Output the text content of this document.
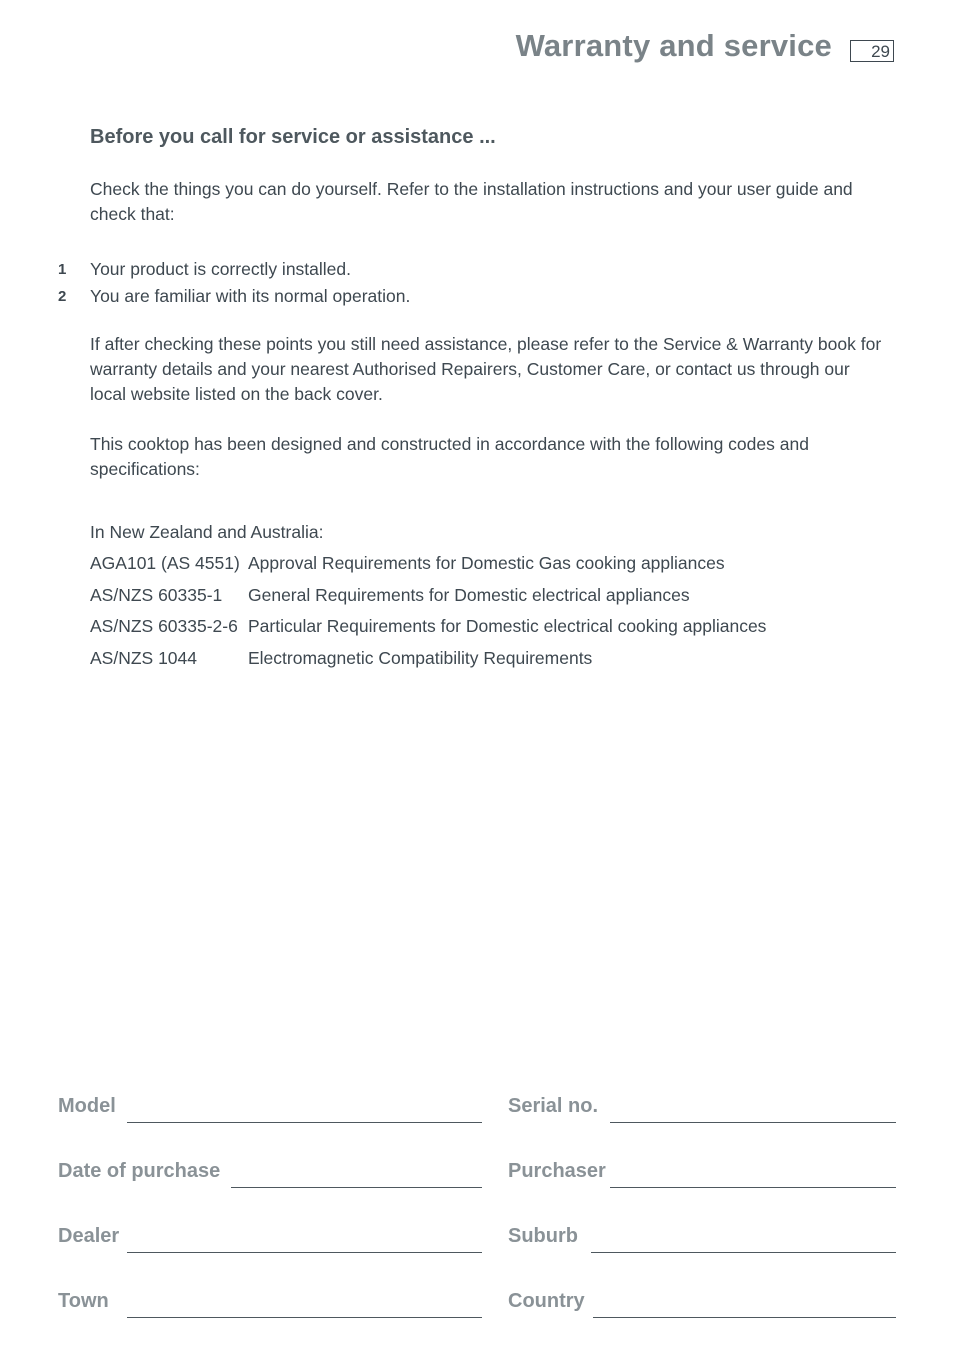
Warranty and service	29
Before you call for service or assistance ...
Check the things you can do yourself. Refer to the installation instructions and your user guide and check that:
1 Your product is correctly installed.
2 You are familiar with its normal operation.
If after checking these points you still need assistance, please refer to the Service & Warranty book for warranty details and your nearest Authorised Repairers, Customer Care, or contact us through our local website listed on the back cover.
This cooktop has been designed and constructed in accordance with the following codes and specifications:
In New Zealand and Australia:
AGA101 (AS 4551) Approval Requirements for Domestic Gas cooking appliances
AS/NZS 60335-1 General Requirements for Domestic electrical appliances
AS/NZS 60335-2-6 Particular Requirements for Domestic electrical cooking appliances
AS/NZS 1044	Electromagnetic Compatibility Requirements
Model	Serial no.
Date of purchase	Purchaser
Dealer	Suburb
Town	Country
